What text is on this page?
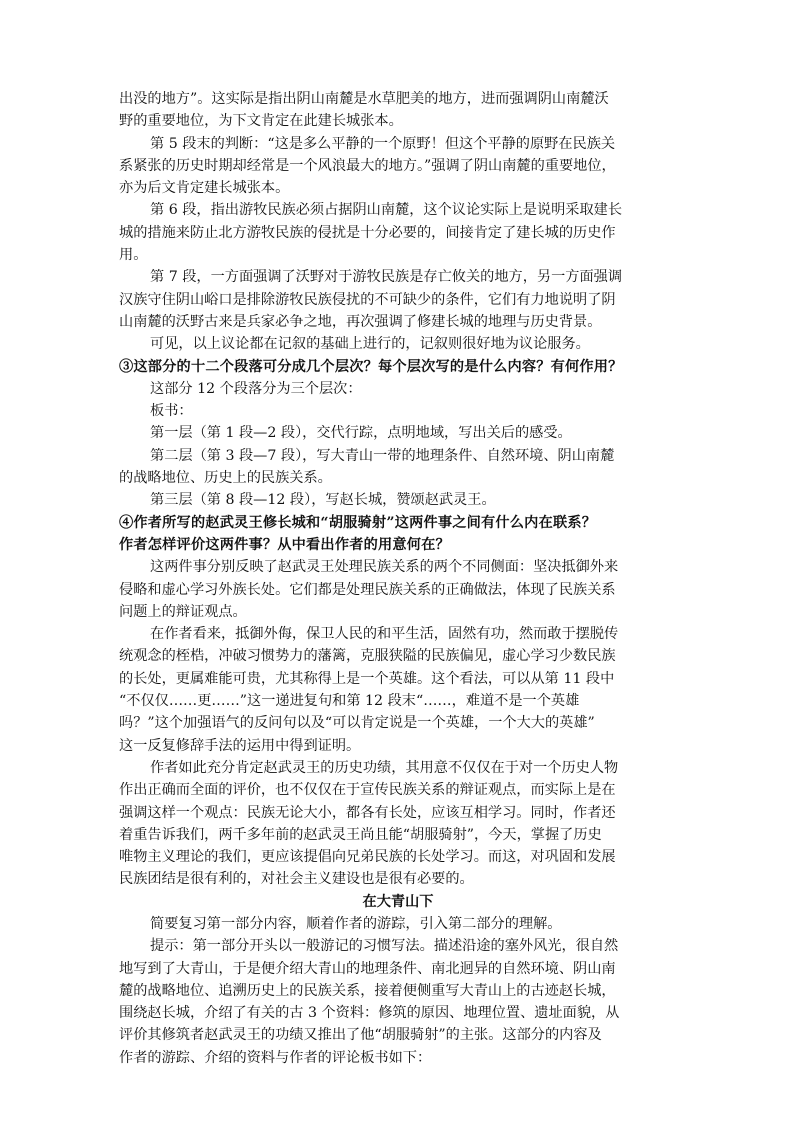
出没的地方”。这实际是指出阴山南麓是水草肥美的地方，进而强调阴山南麓沃
野的重要地位，为下文肯定在此建长城张本。
第 5 段末的判断：“这是多么平静的一个原野！但这个平静的原野在民族关
系紧张的历史时期却经常是一个风浪最大的地方。”强调了阴山南麓的重要地位，
亦为后文肯定建长城张本。
第 6 段，指出游牧民族必须占据阴山南麓，这个议论实际上是说明采取建长
城的措施来防止北方游牧民族的侵扰是十分必要的，间接肯定了建长城的历史作
用。
第 7 段，一方面强调了沃野对于游牧民族是存亡攸关的地方，另一方面强调
汉族守住阴山峪口是排除游牧民族侵扰的不可缺少的条件，它们有力地说明了阴
山南麓的沃野古来是兵家必争之地，再次强调了修建长城的地理与历史背景。
可见，以上议论都在记叙的基础上进行的，记叙则很好地为议论服务。
③这部分的十二个段落可分成几个层次？每个层次写的是什么内容？有何作用？
这部分 12 个段落分为三个层次：
板书：
第一层（第 1 段—2 段），交代行踪，点明地域，写出关后的感受。
第二层（第 3 段—7 段），写大青山一带的地理条件、自然环境、阴山南麓
的战略地位、历史上的民族关系。
第三层（第 8 段—12 段），写赵长城，赞颂赵武灵王。
④作者所写的赵武灵王修长城和“胡服骑射”这两件事之间有什么内在联系？
作者怎样评价这两件事？从中看出作者的用意何在？
这两件事分别反映了赵武灵王处理民族关系的两个不同侧面：坚决抵御外来
侵略和虚心学习外族长处。它们都是处理民族关系的正确做法，体现了民族关系
问题上的辩证观点。
在作者看来，抵御外侮，保卫人民的和平生活，固然有功，然而敢于摆脱传
统观念的桎梏，冲破习惯势力的藩篱，克服狭隘的民族偏见，虚心学习少数民族
的长处，更属难能可贵，尤其称得上是一个英雄。这个看法，可以从第 11 段中
“不仅仅……更……”这一递进复句和第 12 段末“……，难道不是一个英雄
吗？”这个加强语气的反问句以及“可以肯定说是一个英雄，一个大大的英雄”
这一反复修辞手法的运用中得到证明。
作者如此充分肯定赵武灵王的历史功绩，其用意不仅仅在于对一个历史人物
作出正确而全面的评价，也不仅仅在于宣传民族关系的辩证观点，而实际上是在
强调这样一个观点：民族无论大小，都各有长处，应该互相学习。同时，作者还
着重告诉我们，两千多年前的赵武灵王尚且能“胡服骑射”，今天，掌握了历史
唯物主义理论的我们，更应该提倡向兄弟民族的长处学习。而这，对巩固和发展
民族团结是很有利的，对社会主义建设也是很有必要的。
在大青山下
简要复习第一部分内容，顺着作者的游踪，引入第二部分的理解。
提示：第一部分开头以一般游记的习惯写法。描述沿途的塞外风光，很自然
地写到了大青山，于是便介绍大青山的地理条件、南北迥异的自然环境、阴山南
麓的战略地位、追溯历史上的民族关系，接着便侧重写大青山上的古迹赵长城，
围绕赵长城，介绍了有关的古 3 个资料：修筑的原因、地理位置、遗址面貌，从
评价其修筑者赵武灵王的功绩又推出了他“胡服骑射”的主张。这部分的内容及
作者的游踪、介绍的资料与作者的评论板书如下：
